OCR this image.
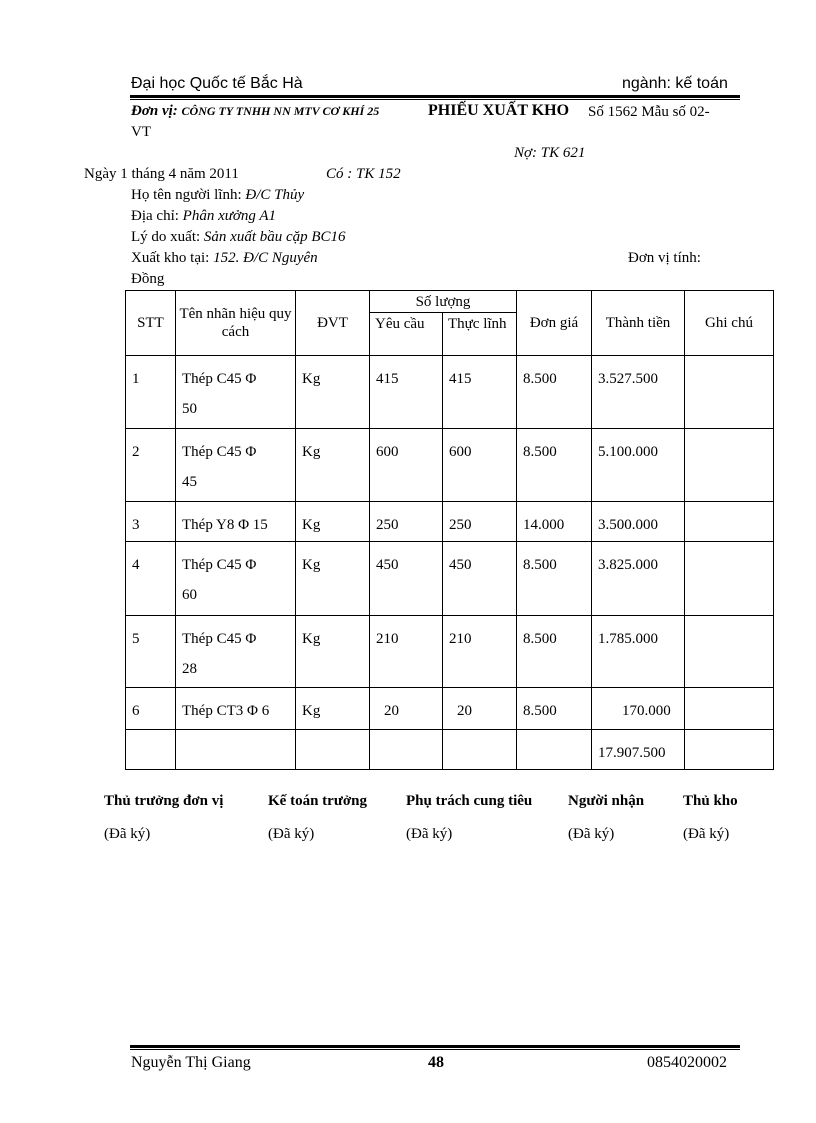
Đại học Quốc tế Bắc Hà	ngành: kế toán
Đơn vị: CÔNG TY TNHH NN MTV CƠ KHÍ 25	PHIẾU XUẤT KHO Số 1562 Mẫu số 02-
VT
Nợ: TK 621
Ngày 1 tháng 4 năm 2011	Có : TK 152
Họ tên người lĩnh: Đ/C Thủy
Địa chỉ: Phân xưởng A1
Lý do xuất: Sản xuất bầu cặp BC16
Xuất kho tại: 152. Đ/C Nguyên	Đơn vị tính:
Đồng
STT	Tên nhãn hiệu quy cách	ĐVT	Số lượng		Đơn giá	Thành tiền	Ghi chú
			Yêu cầu	Thực lĩnh			

1	Thép C45 Φ 50	Kg	415	415	8.500	3.527.500	

2	Thép C45 Φ 45	Kg	600	600	8.500	5.100.000	

3	Thép Y8 Φ 15	Kg	250	250	14.000	3.500.000	

4	Thép C45 Φ 60	Kg	450	450	8.500	3.825.000	

5	Thép C45 Φ 28	Kg	210	210	8.500	1.785.000	

6	Thép CT3 Φ 6	Kg	20	20	8.500	170.000	

						17.907.500	

Thủ trưởng đơn vị
(Đã ký)
Kế toán trưởng
(Đã ký)
Phụ trách cung tiêu
(Đã ký)
Người nhận
(Đã ký)
Thủ kho
(Đã ký)
Nguyễn Thị Giang	48	0854020002
